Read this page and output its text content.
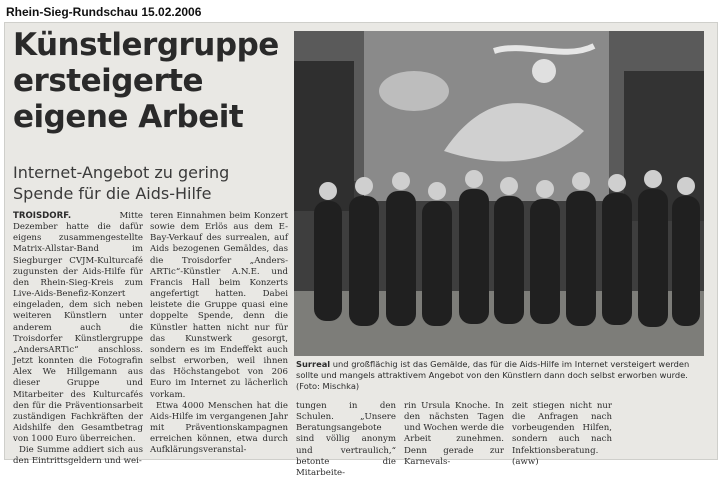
Rhein-Sieg-Rundschau 15.02.2006
Künstlergruppe ersteigerte eigene Arbeit
Internet-Angebot zu gering Spende für die Aids-Hilfe

TROISDORF.	Mitte Dezember hatte die dafür eigens zusammengestellte Matrix-Allstar-Band im Siegburger CVJM-Kulturcafé zugunsten der Aids-Hilfe für den Rhein-Sieg-Kreis zum Live-Aids-Benefiz-Konzert eingeladen, dem sich neben weiteren Künstlern unter anderem auch die Troisdorfer Künstlergruppe „AndersARTic“ anschloss. Jetzt konnten die Fotografin Alex We Hillgemann aus dieser Gruppe und Mitarbeiter des Kulturcafés den für die Präventionsarbeit zuständigen Fachkräften der Aidshilfe den Gesamtbetrag von 1000 Euro überreichen.

Die Summe addiert sich aus den Eintrittsgeldern und wei-

teren Einnahmen beim Konzert sowie dem Erlös aus dem E-Bay-Verkauf des surrealen, auf Aids bezogenen Gemäldes, das die Troisdorfer „Anders-ARTic“-Künstler A.N.E. und Francis Hall beim Konzerts angefertigt hatten. Dabei leistete die Gruppe quasi eine doppelte Spende, denn die Künstler hatten nicht nur für das Kunstwerk gesorgt, sondern es im Endeffekt auch selbst erworben, weil ihnen das Höchstangebot von 206 Euro im Internet zu lächerlich vorkam.

Etwa 4000 Menschen hat die Aids-Hilfe im vergangenen Jahr mit Präventionskampagnen erreichen können, etwa durch Aufklärungsveranstal-

Surreal und großflächig ist das Gemälde, das für die Aids-Hilfe im Internet versteigert werden sollte und mangels attraktivem Angebot von den Künstlern dann doch selbst erworben wurde. (Foto: Mischka)
tungen in den Schulen. „Unsere Beratungsangebote sind völlig anonym und vertraulich,“ betonte die Mitarbeite-
rin Ursula Knoche. In den nächsten Tagen und Wochen werde die Arbeit zunehmen. Denn gerade zur Karnevals-
zeit stiegen nicht nur die Anfragen nach vorbeugenden Hilfen, sondern auch nach Infektionsberatung. (aww)
